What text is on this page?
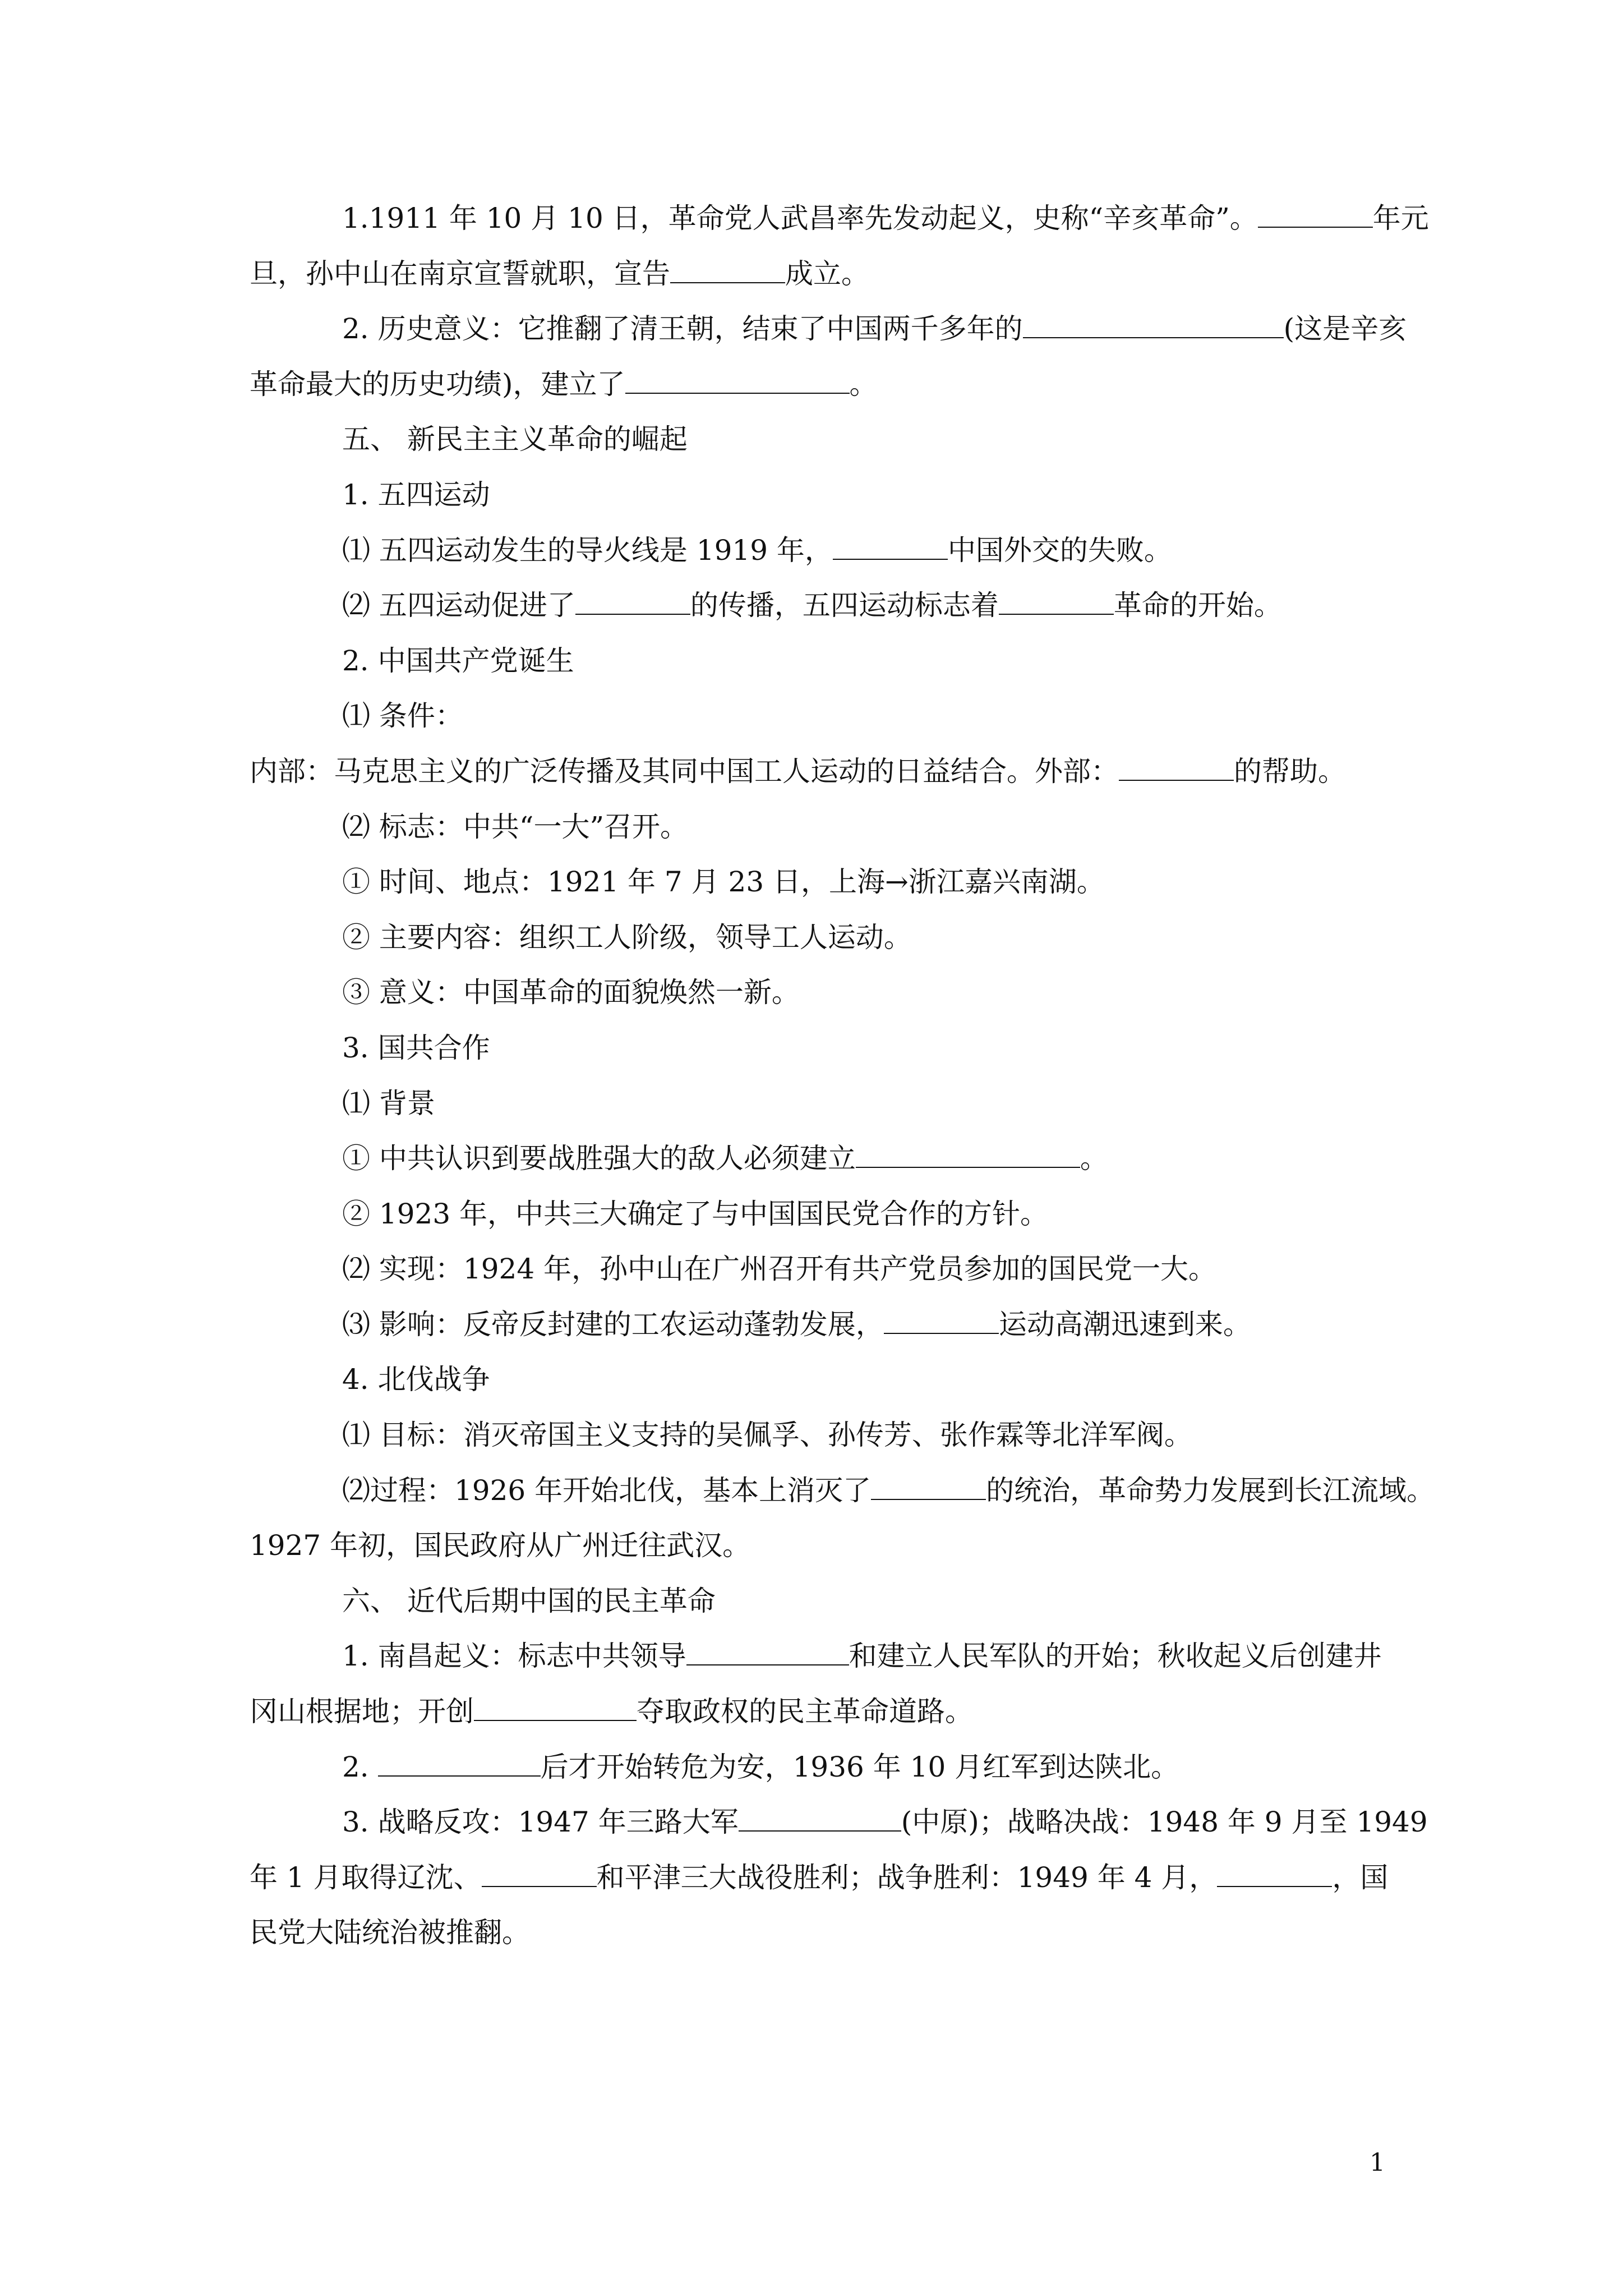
1.1911 年 10 月 10 日，革命党人武昌率先发动起义，史称“辛亥革命”。	年元
旦，孙中山在南京宣誓就职，宣告	成立。
2. 历史意义：它推翻了清王朝，结束了中国两千多年的	(这是辛亥
革命最大的历史功绩)，建立了	。
五、 新民主主义革命的崛起
1. 五四运动
⑴ 五四运动发生的导火线是 1919 年，	中国外交的失败。
⑵ 五四运动促进了	的传播，五四运动标志着	革命的开始。
2. 中国共产党诞生
⑴ 条件：
内部：马克思主义的广泛传播及其同中国工人运动的日益结合。外部：	的帮助。
⑵ 标志：中共“一大”召开。
① 时间、地点：1921 年 7 月 23 日，上海→浙江嘉兴南湖。
② 主要内容：组织工人阶级，领导工人运动。
③ 意义：中国革命的面貌焕然一新。
3. 国共合作
⑴ 背景
① 中共认识到要战胜强大的敌人必须建立	。
② 1923 年，中共三大确定了与中国国民党合作的方针。
⑵ 实现：1924 年，孙中山在广州召开有共产党员参加的国民党一大。
⑶ 影响：反帝反封建的工农运动蓬勃发展，	运动高潮迅速到来。
4. 北伐战争
⑴ 目标：消灭帝国主义支持的吴佩孚、孙传芳、张作霖等北洋军阀。
⑵过程：1926 年开始北伐，基本上消灭了	的统治，革命势力发展到长江流域。
1927 年初，国民政府从广州迁往武汉。
六、 近代后期中国的民主革命
1. 南昌起义：标志中共领导	和建立人民军队的开始；秋收起义后创建井
冈山根据地；开创	夺取政权的民主革命道路。
2.	后才开始转危为安，1936 年 10 月红军到达陕北。
3. 战略反攻：1947 年三路大军	(中原)；战略决战：1948 年 9 月至 1949
年 1 月取得辽沈、	和平津三大战役胜利；战争胜利：1949 年 4 月，	，国
民党大陆统治被推翻。
1
